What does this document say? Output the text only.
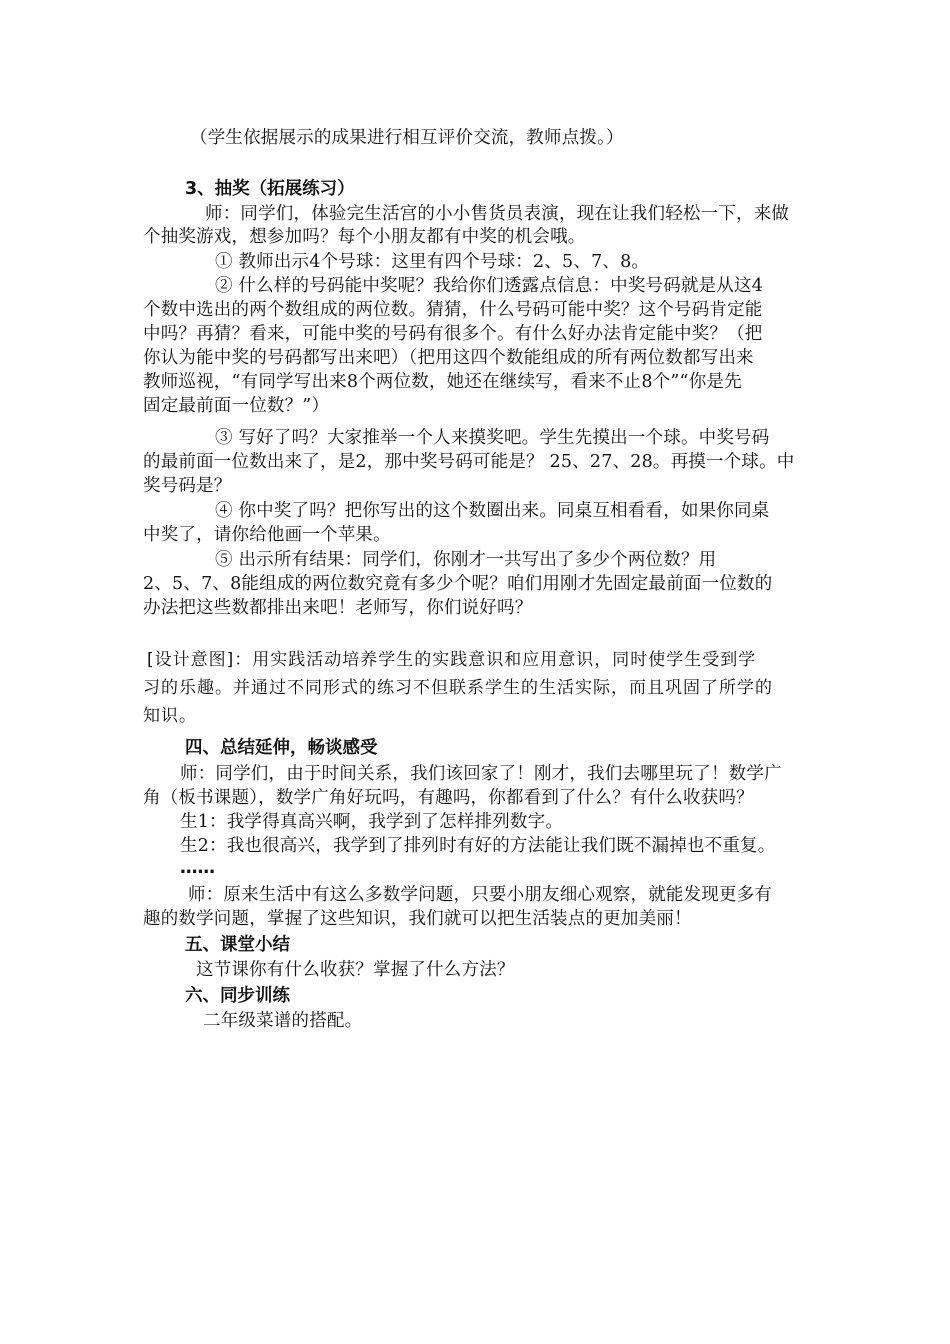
（学生依据展示的成果进行相互评价交流，教师点拨。）
3、抽奖（拓展练习）
师：同学们，体验完生活宫的小小售货员表演，现在让我们轻松一下，来做
个抽奖游戏，想参加吗？每个小朋友都有中奖的机会哦。
① 教师出示4个号球：这里有四个号球：2、5、7、8。
② 什么样的号码能中奖呢？我给你们透露点信息：中奖号码就是从这4
个数中选出的两个数组成的两位数。猜猜，什么号码可能中奖？这个号码肯定能
中吗？再猜？看来，可能中奖的号码有很多个。有什么好办法肯定能中奖？（把
你认为能中奖的号码都写出来吧）（把用这四个数能组成的所有两位数都写出来
教师巡视，“有同学写出来8个两位数，她还在继续写，看来不止8个”“你是先
固定最前面一位数？”）
③ 写好了吗？大家推举一个人来摸奖吧。学生先摸出一个球。中奖号码
的最前面一位数出来了，是2，那中奖号码可能是？ 25、27、28。再摸一个球。中
奖号码是？
④ 你中奖了吗？把你写出的这个数圈出来。同桌互相看看，如果你同桌
中奖了，请你给他画一个苹果。
⑤ 出示所有结果：同学们，你刚才一共写出了多少个两位数？用
2、5、7、8能组成的两位数究竟有多少个呢？咱们用刚才先固定最前面一位数的
办法把这些数都排出来吧！老师写，你们说好吗？
[设计意图]：用实践活动培养学生的实践意识和应用意识，同时使学生受到学
习的乐趣。并通过不同形式的练习不但联系学生的生活实际，而且巩固了所学的
知识。
四、总结延伸，畅谈感受
师：同学们，由于时间关系，我们该回家了！刚才，我们去哪里玩了！数学广
角（板书课题），数学广角好玩吗，有趣吗，你都看到了什么？有什么收获吗？
生1：我学得真高兴啊，我学到了怎样排列数字。
生2：我也很高兴，我学到了排列时有好的方法能让我们既不漏掉也不重复。
……
师：原来生活中有这么多数学问题，只要小朋友细心观察，就能发现更多有
趣的数学问题，掌握了这些知识，我们就可以把生活装点的更加美丽！
五、课堂小结
这节课你有什么收获？掌握了什么方法？
六、同步训练
二年级菜谱的搭配。
